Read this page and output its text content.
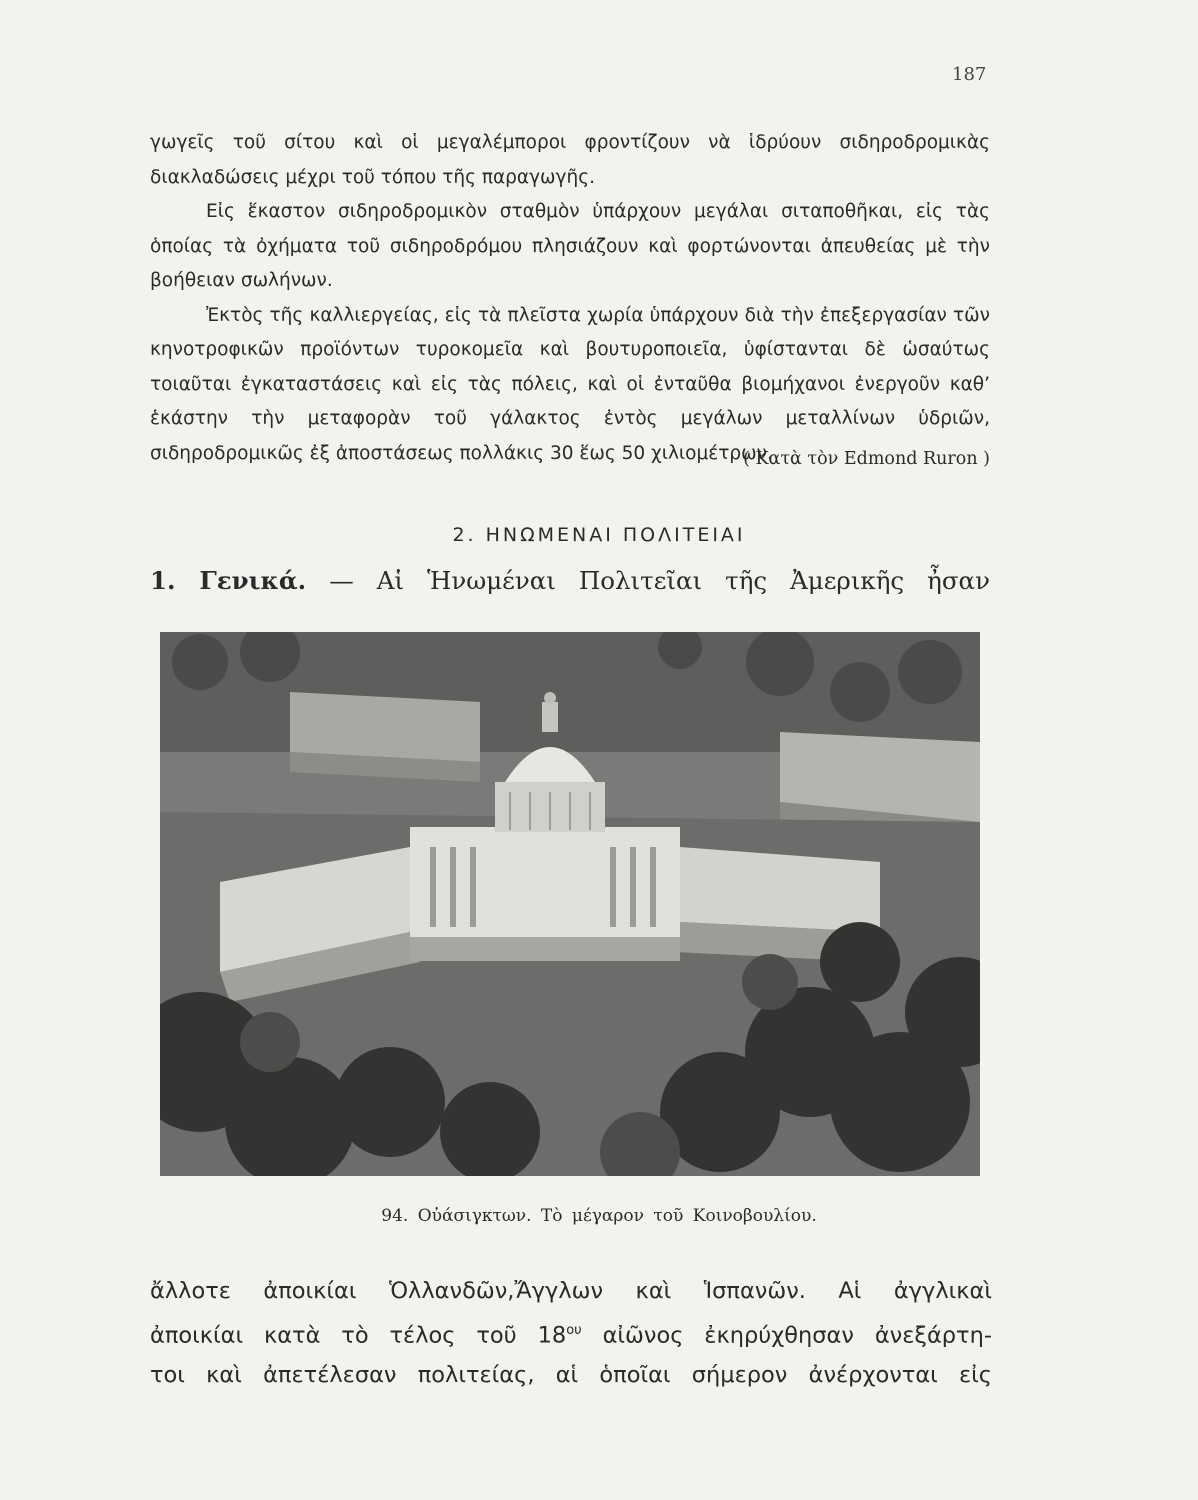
187

γωγεῖς τοῦ σίτου καὶ οἱ μεγαλέμποροι φροντίζουν νὰ ἱδρύουν σιδηροδρομικὰς διακλαδώσεις μέχρι τοῦ τόπου τῆς παραγωγῆς.

Εἰς ἕκαστον σιδηροδρομικὸν σταθμὸν ὑπάρχουν μεγάλαι σιταποθῆκαι, εἰς τὰς ὁποίας τὰ ὀχήματα τοῦ σιδηροδρόμου πλησιάζουν καὶ φορτώνονται ἀπευθείας μὲ τὴν βοήθειαν σωλήνων.

Ἐκτὸς τῆς καλλιεργείας, εἰς τὰ πλεῖστα χωρία ὑπάρχουν διὰ τὴν ἐπεξεργασίαν τῶν κηνοτροφικῶν προϊόντων τυροκομεῖα καὶ βουτυροποιεῖα, ὑφίστανται δὲ ὡσαύτως τοιαῦται ἐγκαταστάσεις καὶ εἰς τὰς πόλεις, καὶ οἱ ἐνταῦθα βιομήχανοι ἐνεργοῦν καθ’ ἑκάστην τὴν μεταφορὰν τοῦ γάλακτος ἐντὸς μεγάλων μεταλλίνων ὑδριῶν, σιδηροδρομικῶς ἐξ ἀποστάσεως πολλάκις 30 ἕως 50 χιλιομέτρων.

( Κατὰ τὸν Edmond Ruron )
2. ΗΝΩΜΕΝΑΙ ΠΟΛΙΤΕΙΑΙ
1. Γενικά. — Αἱ Ἡνωμέναι Πολιτεῖαι τῆς Ἀμερικῆς ἦσαν
94. Οὐάσιγκτων. Τὸ μέγαρον τοῦ Κοινοβουλίου.

ἄλλοτε ἀποικίαι Ὁλλανδῶν,Ἄγγλων καὶ Ἱσπανῶν. Αἱ ἀγγλικαὶ

ἀποικίαι κατὰ τὸ τέλος τοῦ $18^{o\upsilon}$ αἰῶνος ἐκηρύχθησαν ἀνεξάρτη-

τοι καὶ ἀπετέλεσαν πολιτείας, αἱ ὁποῖαι σήμερον ἀνέρχονται εἰς
